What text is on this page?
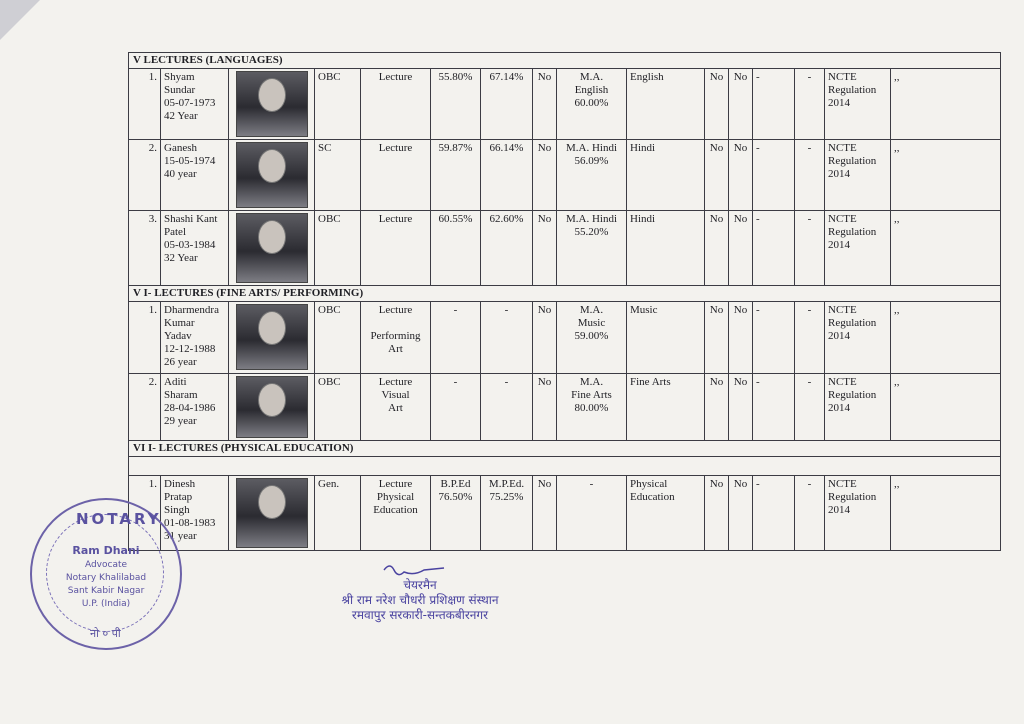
V LECTURES (LANGUAGES)															
1.	Shyam
Sundar
05-07-1973
42 Year		OBC	Lecture	55.80%	67.14%	No	M.A.
English
60.00%	English	No	No	-	-	NCTE
Regulation
2014	,,
2.	Ganesh
15-05-1974
40 year		SC	Lecture	59.87%	66.14%	No	M.A. Hindi
56.09%	Hindi	No	No	-	-	NCTE
Regulation
2014	,,
3.	Shashi Kant
Patel
05-03-1984
32 Year		OBC	Lecture	60.55%	62.60%	No	M.A. Hindi
55.20%	Hindi	No	No	-	-	NCTE
Regulation
2014	,,
V I- LECTURES (FINE ARTS/ PERFORMING)															
1.	Dharmendra
Kumar
Yadav
12-12-1988
26 year		OBC	Lecture

Performing
Art	-	-	No	M.A.
Music
59.00%	Music	No	No	-	-	NCTE
Regulation
2014	,,
2.	Aditi
Sharam
28-04-1986
29 year		OBC	Lecture
Visual
Art	-	-	No	M.A.
Fine Arts
80.00%	Fine Arts	No	No	-	-	NCTE
Regulation
2014	,,
VI I- LECTURES (PHYSICAL EDUCATION)															

1.	Dinesh
Pratap
Singh
01-08-1983
31 year		Gen.	Lecture
Physical
Education	B.P.Ed
76.50%	M.P.Ed.
75.25%	No	-	Physical
Education	No	No	-	-	NCTE
Regulation
2014	,,
NOTARY
Ram Dhani
Advocate
Notary Khalilabad
Sant Kabir Nagar
U.P. (India)
नो ० पी
चेयरमैन
श्री राम नरेश चौधरी प्रशिक्षण संस्थान
रमवापुर सरकारी-सन्तकबीरनगर
